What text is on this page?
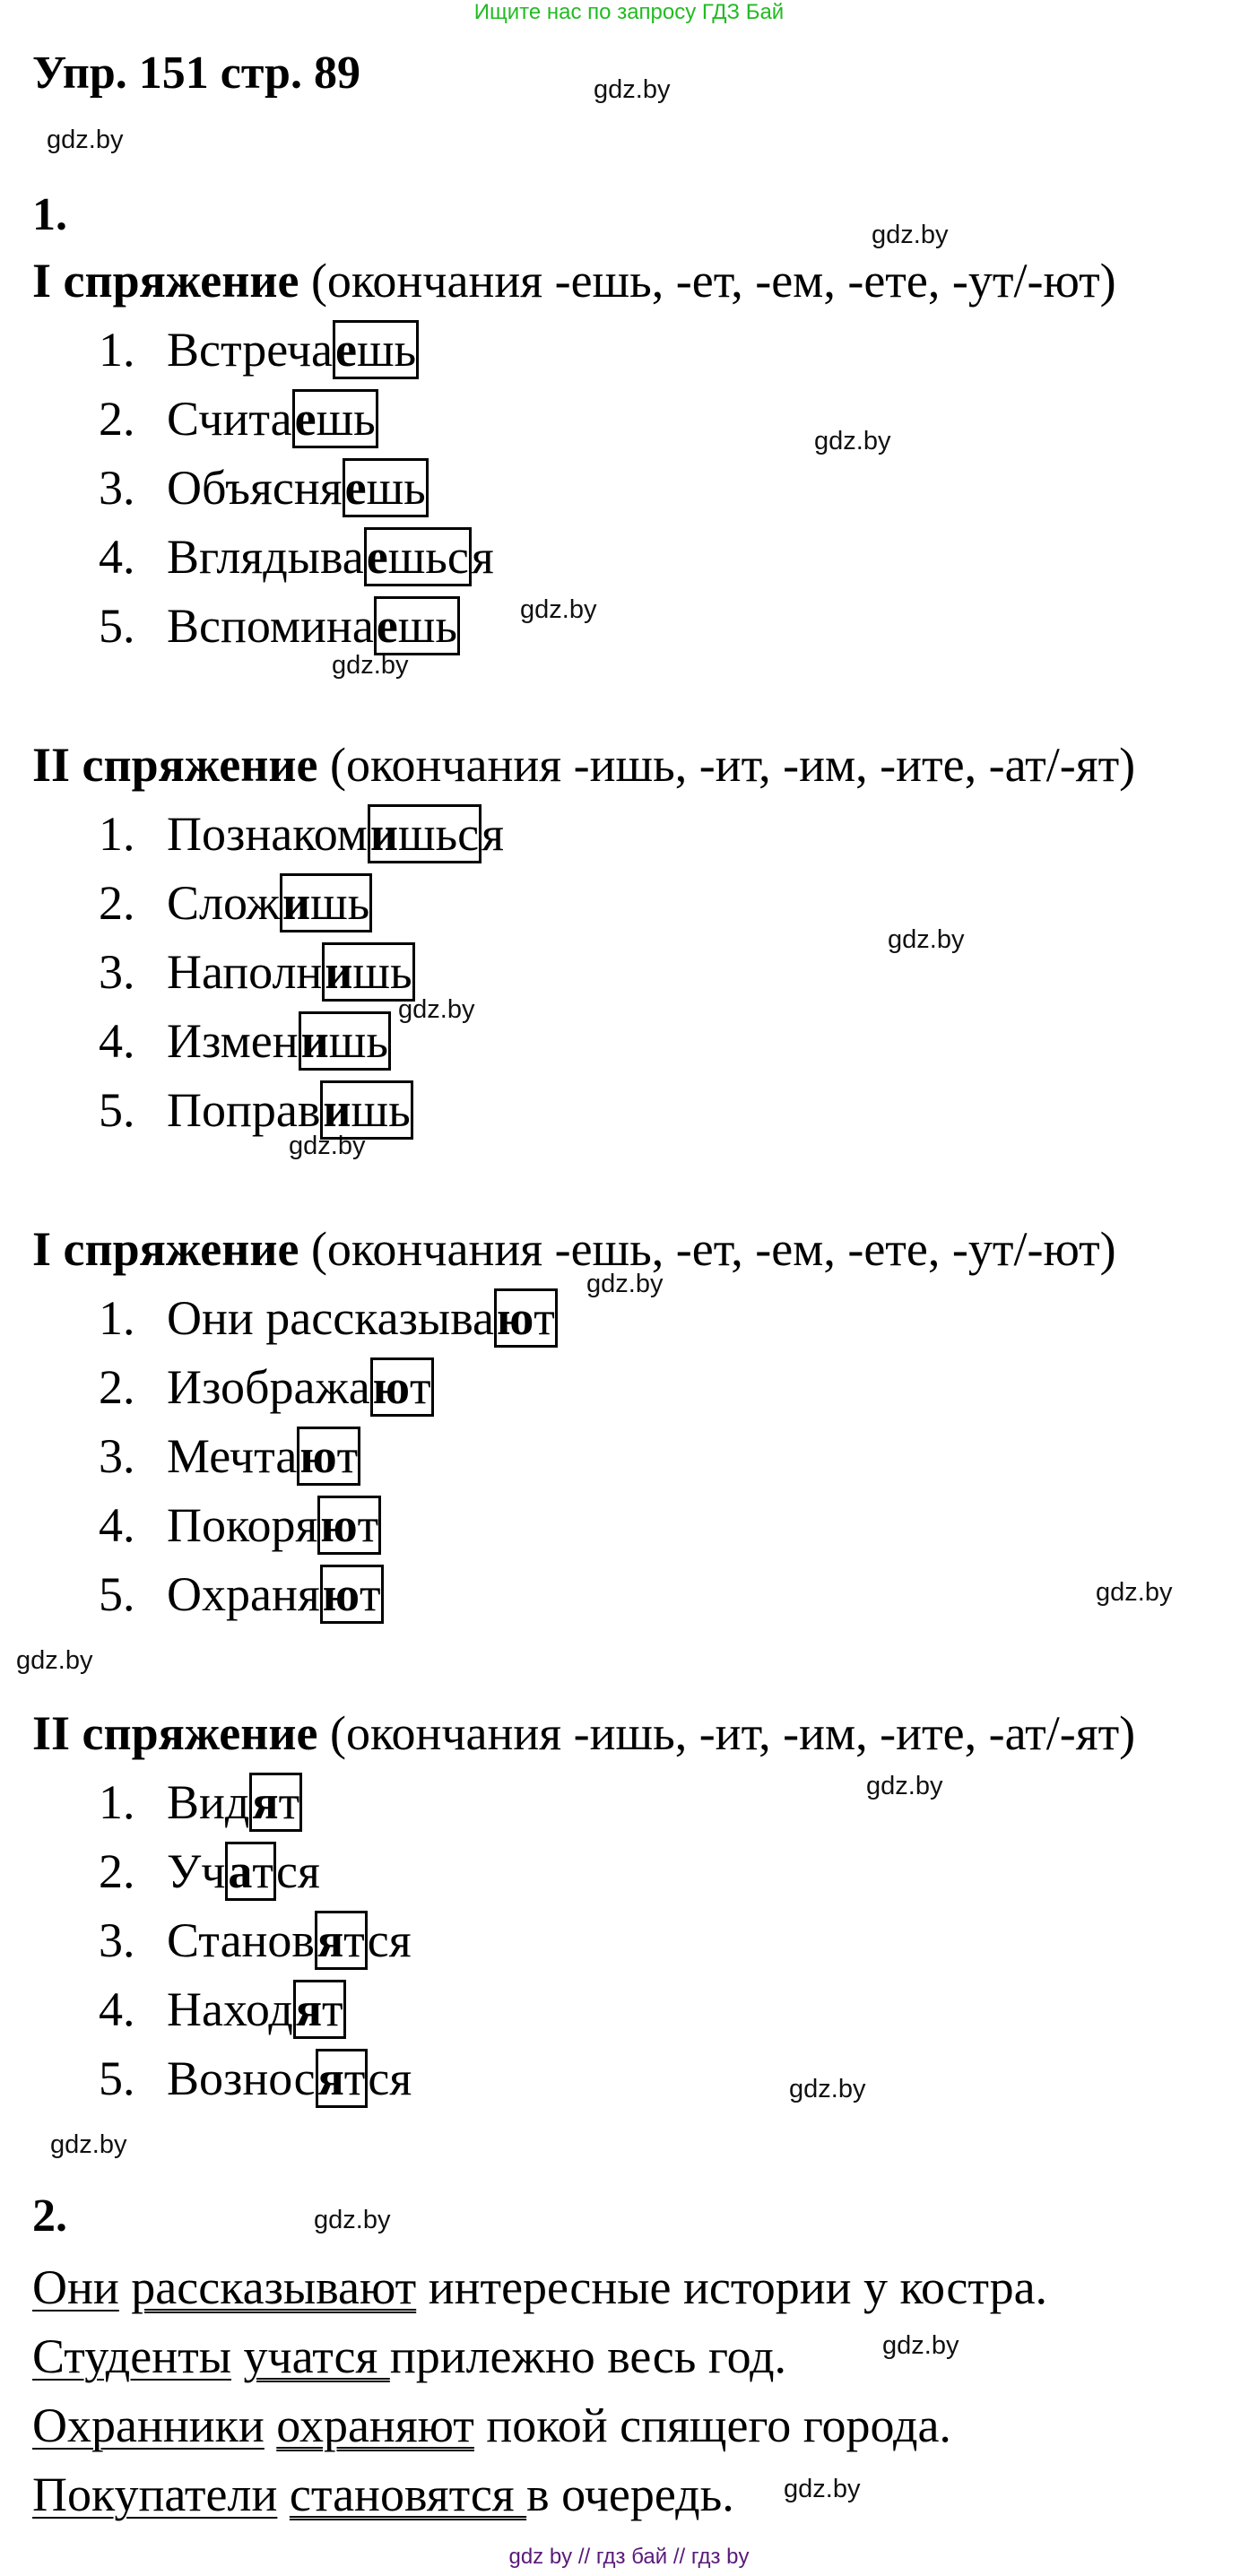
Ищите нас по запросу ГДЗ Бай
Упр. 151 стр. 89	gdz.by
gdz.by
gdz.by
gdz.by
gdz.by
gdz.by
gdz.by
gdz.by
gdz.by
gdz.by
gdz.by
gdz.by
gdz.by
gdz.by
gdz.by
gdz.by
gdz.by
gdz.by
1.
I спряжение (окончания -ешь, -ет, -ем, -ете, -ут/-ют)
1. Встречаешь
2. Считаешь
3. Объясняешь
4. Вглядываешься
5. Вспоминаешь
II спряжение (окончания -ишь, -ит, -им, -ите, -ат/-ят)
1. Познакомишься
2. Сложишь
3. Наполнишь
4. Изменишь
5. Поправишь
I спряжение (окончания -ешь, -ет, -ем, -ете, -ут/-ют)
1. Они рассказывают
2. Изображают
3. Мечтают
4. Покоряют
5. Охраняют
II спряжение (окончания -ишь, -ит, -им, -ите, -ат/-ят)
1. Видят
2. Учатся
3. Становятся
4. Находят
5. Возносятся
2.
Они рассказывают интересные истории у костра.
Студенты учатся прилежно весь год.
Охранники охраняют покой спящего города.
Покупатели становятся в очередь.
gdz by // гдз бай // гдз by
